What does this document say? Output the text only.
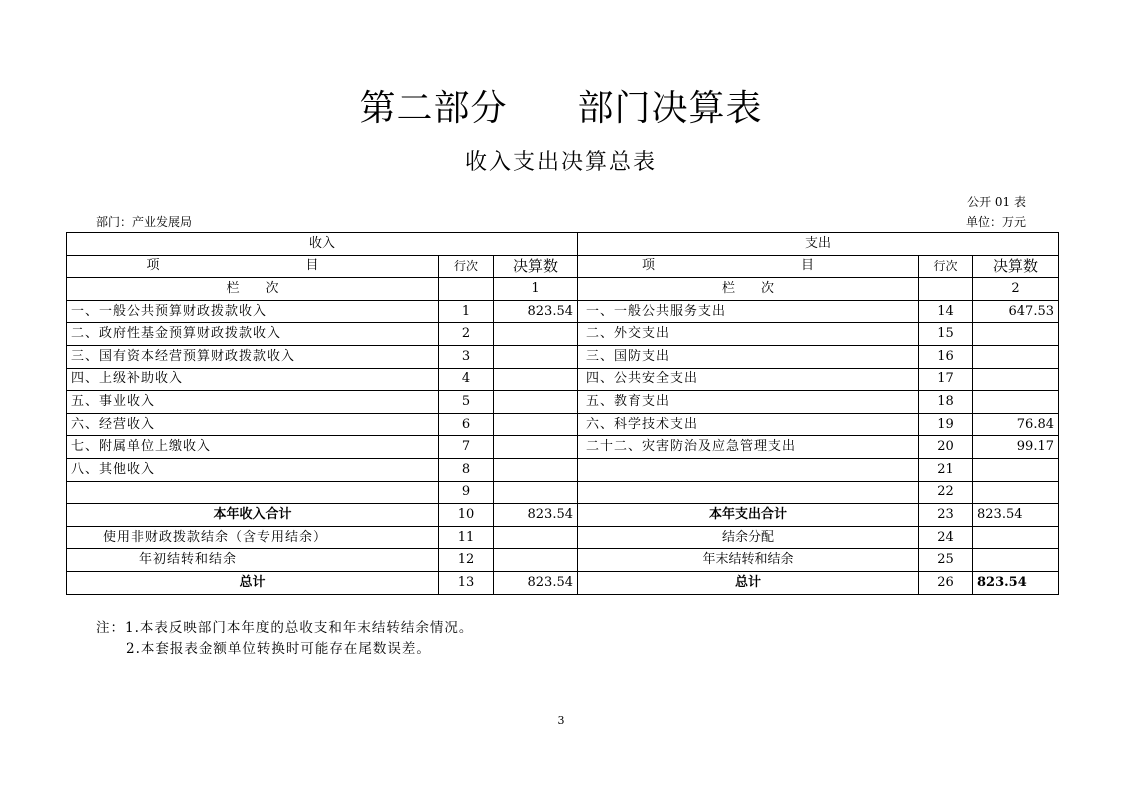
第二部分 部门决算表
收入支出决算总表
公开 01 表
部门：产业发展局	单位：万元
收入			支出		
项　　目	行次	决算数	项　　目	行次	决算数
栏　　次		1	栏　　次		2
一、一般公共预算财政拨款收入	1	823.54	一、一般公共服务支出	14	647.53
二、政府性基金预算财政拨款收入	2		二、外交支出	15	
三、国有资本经营预算财政拨款收入	3		三、国防支出	16	
四、上级补助收入	4		四、公共安全支出	17	
五、事业收入	5		五、教育支出	18	
六、经营收入	6		六、科学技术支出	19	76.84
七、附属单位上缴收入	7		二十二、灾害防治及应急管理支出	20	99.17
八、其他收入	8			21	
	9			22	
本年收入合计	10	823.54	本年支出合计	23	823.54
使用非财政拨款结余（含专用结余）	11		结余分配	24	
年初结转和结余	12		年末结转和结余	25	
总计	13	823.54	总计	26	823.54
注：1.本表反映部门本年度的总收支和年末结转结余情况。
2.本套报表金额单位转换时可能存在尾数误差。
3
